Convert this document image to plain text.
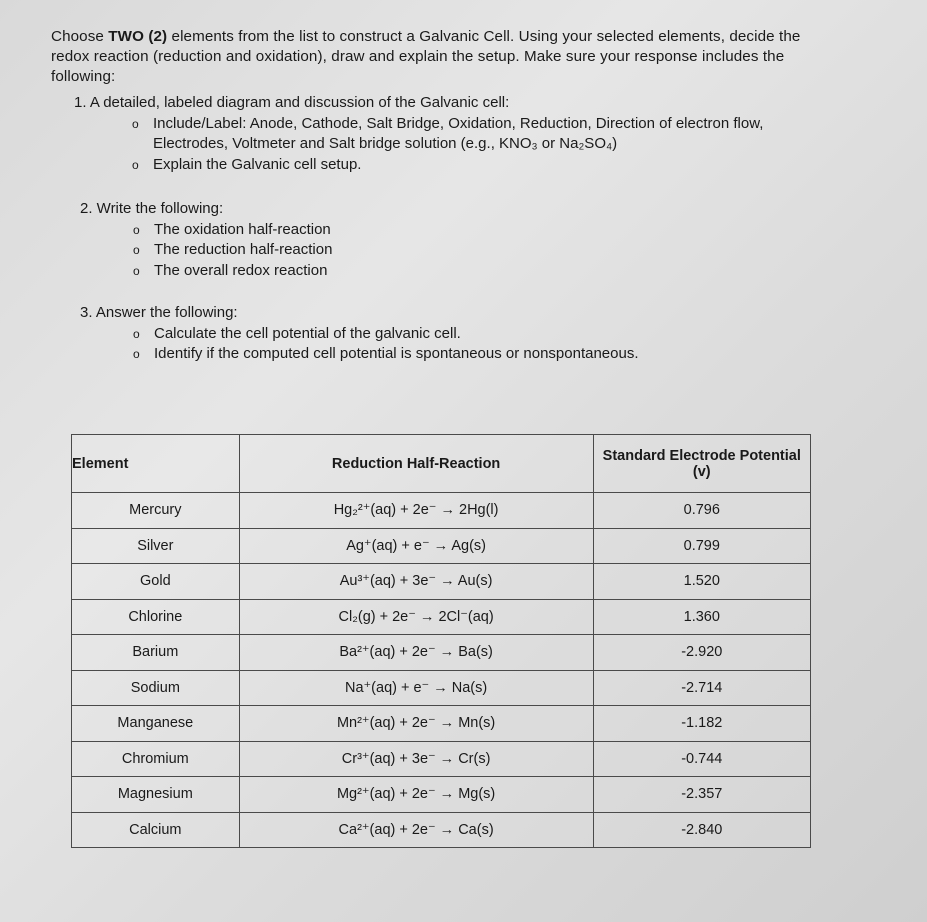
Choose TWO (2) elements from the list to construct a Galvanic Cell. Using your selected elements, decide the redox reaction (reduction and oxidation), draw and explain the setup. Make sure your response includes the following:
1. A detailed, labeled diagram and discussion of the Galvanic cell:
o Include/Label: Anode, Cathode, Salt Bridge, Oxidation, Reduction, Direction of electron flow, Electrodes, Voltmeter and Salt bridge solution (e.g., KNO₃ or Na₂SO₄)
o Explain the Galvanic cell setup.
2. Write the following:
o The oxidation half-reaction
o The reduction half-reaction
o The overall redox reaction
3. Answer the following:
o Calculate the cell potential of the galvanic cell.
o Identify if the computed cell potential is spontaneous or nonspontaneous.
Element	Reduction Half-Reaction	Standard Electrode Potential (v)
Mercury	Hg₂²⁺(aq) + 2e⁻ → 2Hg(l)	0.796
Silver	Ag⁺(aq) + e⁻ → Ag(s)	0.799
Gold	Au³⁺(aq) + 3e⁻ → Au(s)	1.520
Chlorine	Cl₂(g) + 2e⁻ → 2Cl⁻(aq)	1.360
Barium	Ba²⁺(aq) + 2e⁻ → Ba(s)	-2.920
Sodium	Na⁺(aq) + e⁻ → Na(s)	-2.714
Manganese	Mn²⁺(aq) + 2e⁻ → Mn(s)	-1.182
Chromium	Cr³⁺(aq) + 3e⁻ → Cr(s)	-0.744
Magnesium	Mg²⁺(aq) + 2e⁻ → Mg(s)	-2.357
Calcium	Ca²⁺(aq) + 2e⁻ → Ca(s)	-2.840
